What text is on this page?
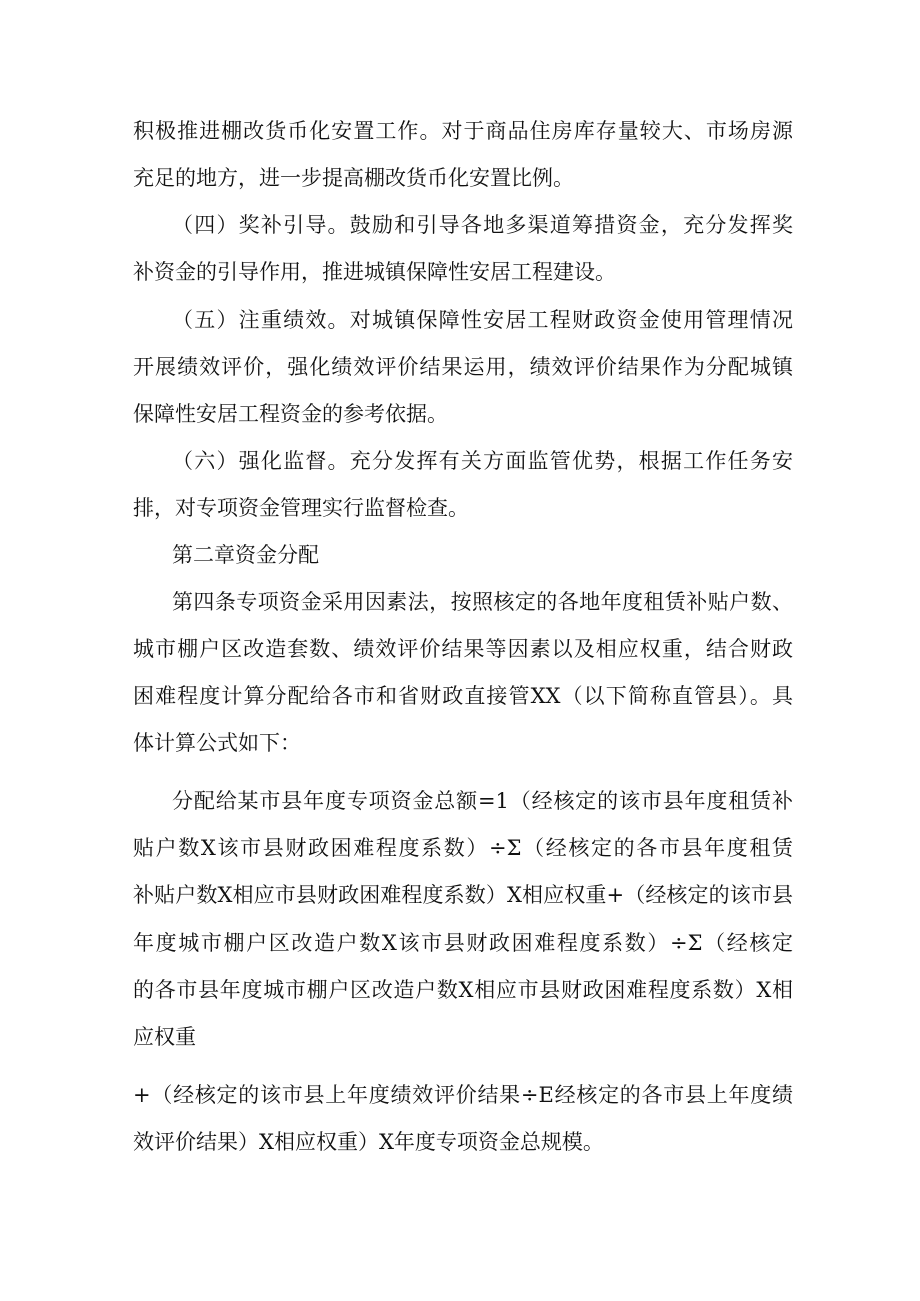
积极推进棚改货币化安置工作。对于商品住房库存量较大、市场房源
充足的地方，进一步提高棚改货币化安置比例。
（四）奖补引导。鼓励和引导各地多渠道筹措资金，充分发挥奖
补资金的引导作用，推进城镇保障性安居工程建设。
（五）注重绩效。对城镇保障性安居工程财政资金使用管理情况
开展绩效评价，强化绩效评价结果运用，绩效评价结果作为分配城镇
保障性安居工程资金的参考依据。
（六）强化监督。充分发挥有关方面监管优势，根据工作任务安
排，对专项资金管理实行监督检查。
第二章资金分配
第四条专项资金采用因素法，按照核定的各地年度租赁补贴户数、
城市棚户区改造套数、绩效评价结果等因素以及相应权重，结合财政
困难程度计算分配给各市和省财政直接管XX（以下简称直管县）。具
体计算公式如下：
分配给某市县年度专项资金总额=1（经核定的该市县年度租赁补
贴户数X该市县财政困难程度系数）÷Σ（经核定的各市县年度租赁
补贴户数X相应市县财政困难程度系数）X相应权重+（经核定的该市县
年度城市棚户区改造户数X该市县财政困难程度系数）÷Σ（经核定
的各市县年度城市棚户区改造户数X相应市县财政困难程度系数）X相
应权重
+（经核定的该市县上年度绩效评价结果÷E经核定的各市县上年度绩
效评价结果）X相应权重）X年度专项资金总规模。
